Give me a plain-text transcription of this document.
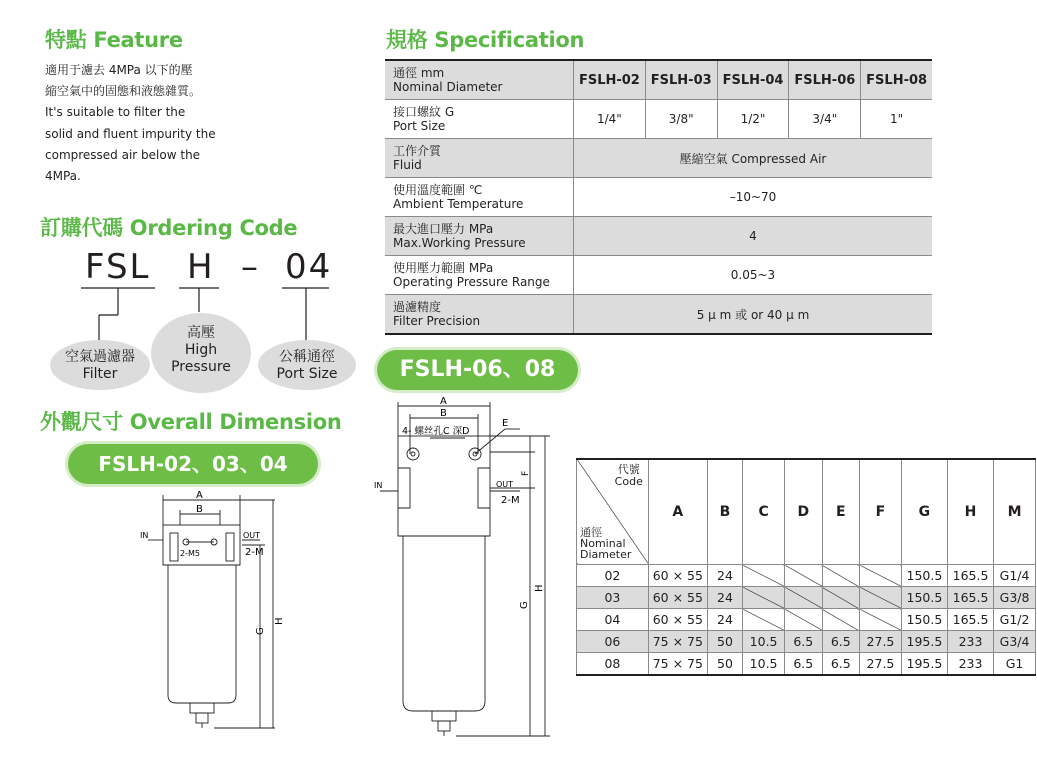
特點 Feature
適用于濾去 4MPa 以下的壓
縮空氣中的固態和液態雜質。
It's suitable to filter the
solid and fluent impurity the
compressed air below the
4MPa.
訂購代碼 Ordering Code
FSL H – 04
空氣過濾器
Filter
高壓
High
Pressure
公稱通徑
Port Size
外觀尺寸 Overall Dimension
FSLH-02、03、04
FSLH-06、08
A
B
IN	OUT
2-M5	2-M
G
H
A
B
4- 螺丝孔C 深D
E
F
IN	OUT
2-M
G
H
規格 Specification
通徑 mm
Nominal Diameter	FSLH-02	FSLH-03	FSLH-04	FSLH-06	FSLH-08

接口螺紋 G
Port Size	1/4"	3/8"	1/2"	3/4"	1"

工作介質
Fluid	壓縮空氣 Compressed Air				

使用溫度範圍 ℃
Ambient Temperature	–10~70				

最大進口壓力 MPa
Max.Working Pressure	4				

使用壓力範圍 MPa
Operating Pressure Range	0.05~3				

過濾精度
Filter Precision	5 μ m 或 or 40 μ m				
代號
Code
通徑
Nominal
Diameter	A	B	C	D	E	F	G	H	M
02	60 × 55	24					150.5	165.5	G1/4
03	60 × 55	24					150.5	165.5	G3/8
04	60 × 55	24					150.5	165.5	G1/2
06	75 × 75	50	10.5	6.5	6.5	27.5	195.5	233	G3/4
08	75 × 75	50	10.5	6.5	6.5	27.5	195.5	233	G1
